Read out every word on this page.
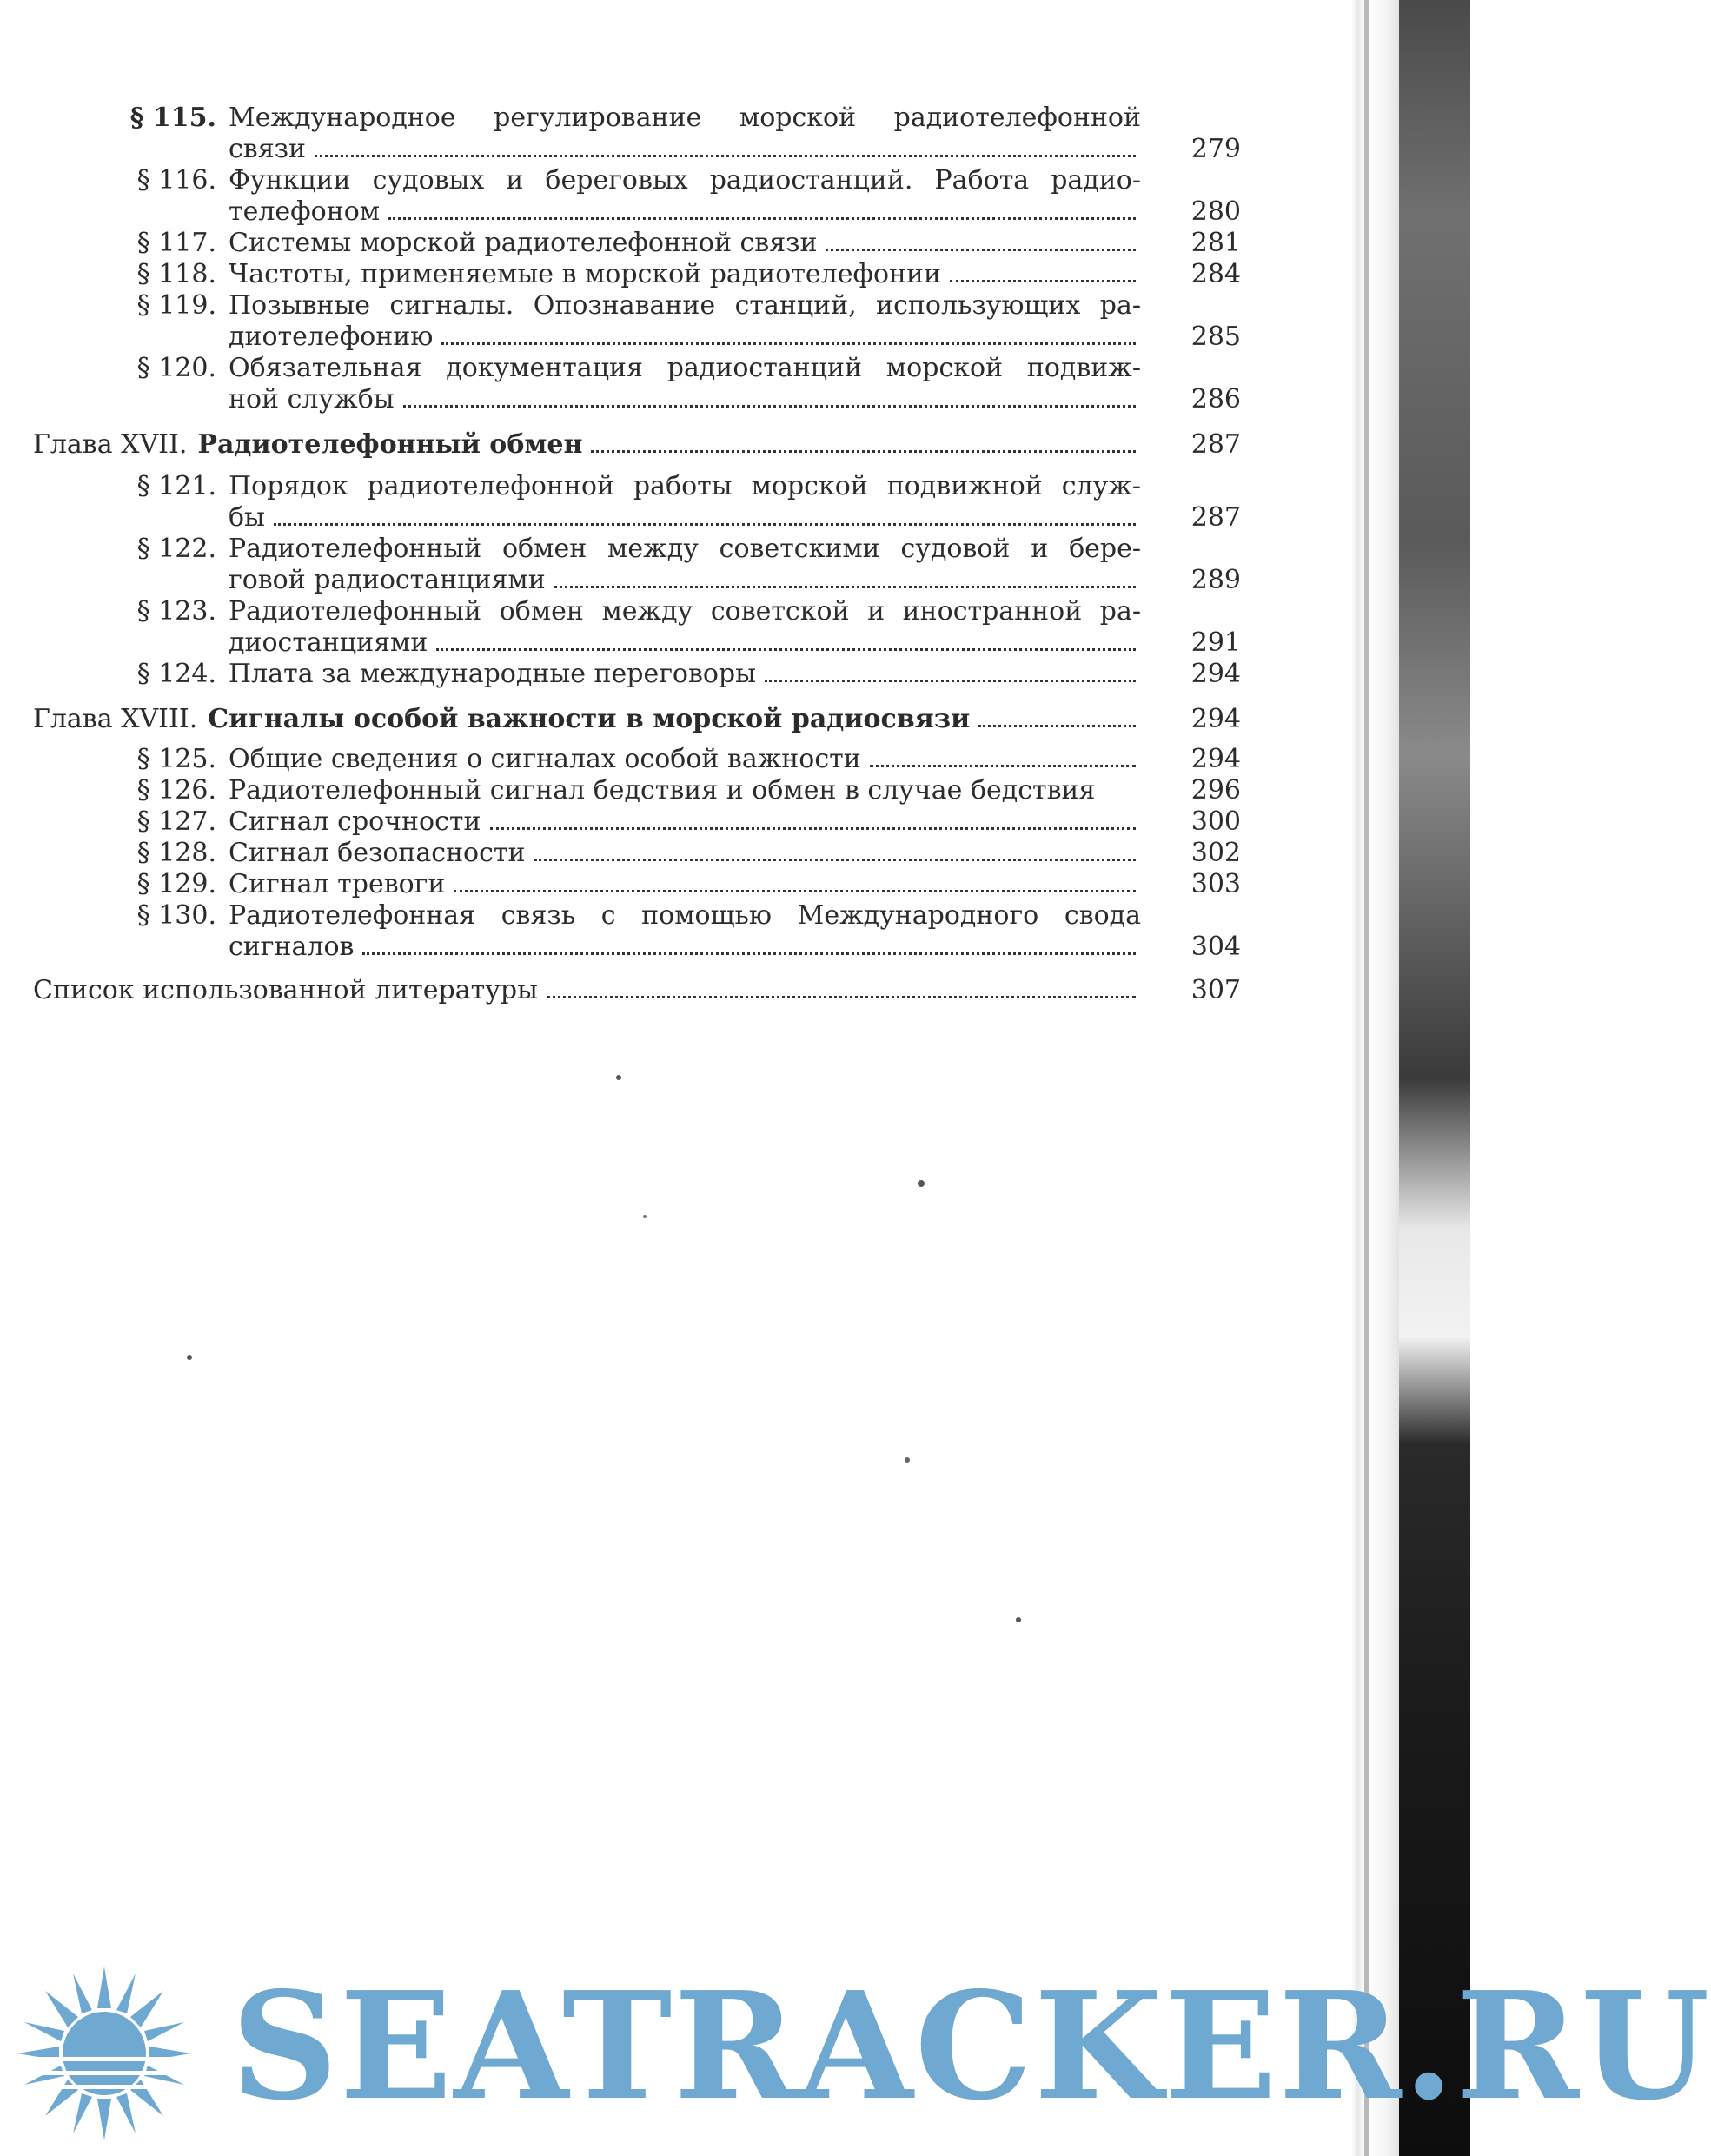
§ 115. Международное регулирование морской радиотелефонной
связи	279
§ 116. Функции судовых и береговых радиостанций. Работа радио-
телефоном	280
§ 117. Системы морской радиотелефонной связи	281
§ 118. Частоты, применяемые в морской радиотелефонии	284
§ 119. Позывные сигналы. Опознавание станций, использующих ра-
диотелефонию	285
§ 120. Обязательная документация радиостанций морской подвиж-
ной службы	286
Глава XVII. Радиотелефонный обмен	287
§ 121. Порядок радиотелефонной работы морской подвижной служ-
бы	287
§ 122. Радиотелефонный обмен между советскими судовой и бере-
говой радиостанциями	289
§ 123. Радиотелефонный обмен между советской и иностранной ра-
диостанциями	291
§ 124. Плата за международные переговоры	294
Глава XVIII. Сигналы особой важности в морской радиосвязи	294
§ 125. Общие сведения о сигналах особой важности	294
§ 126. Радиотелефонный сигнал бедствия и обмен в случае бедствия	296
§ 127. Сигнал срочности	300
§ 128. Сигнал безопасности	302
§ 129. Сигнал тревоги	303
§ 130. Радиотелефонная связь с помощью Международного свода
сигналов	304
Список использованной литературы	307
SEATRACKER.RU
